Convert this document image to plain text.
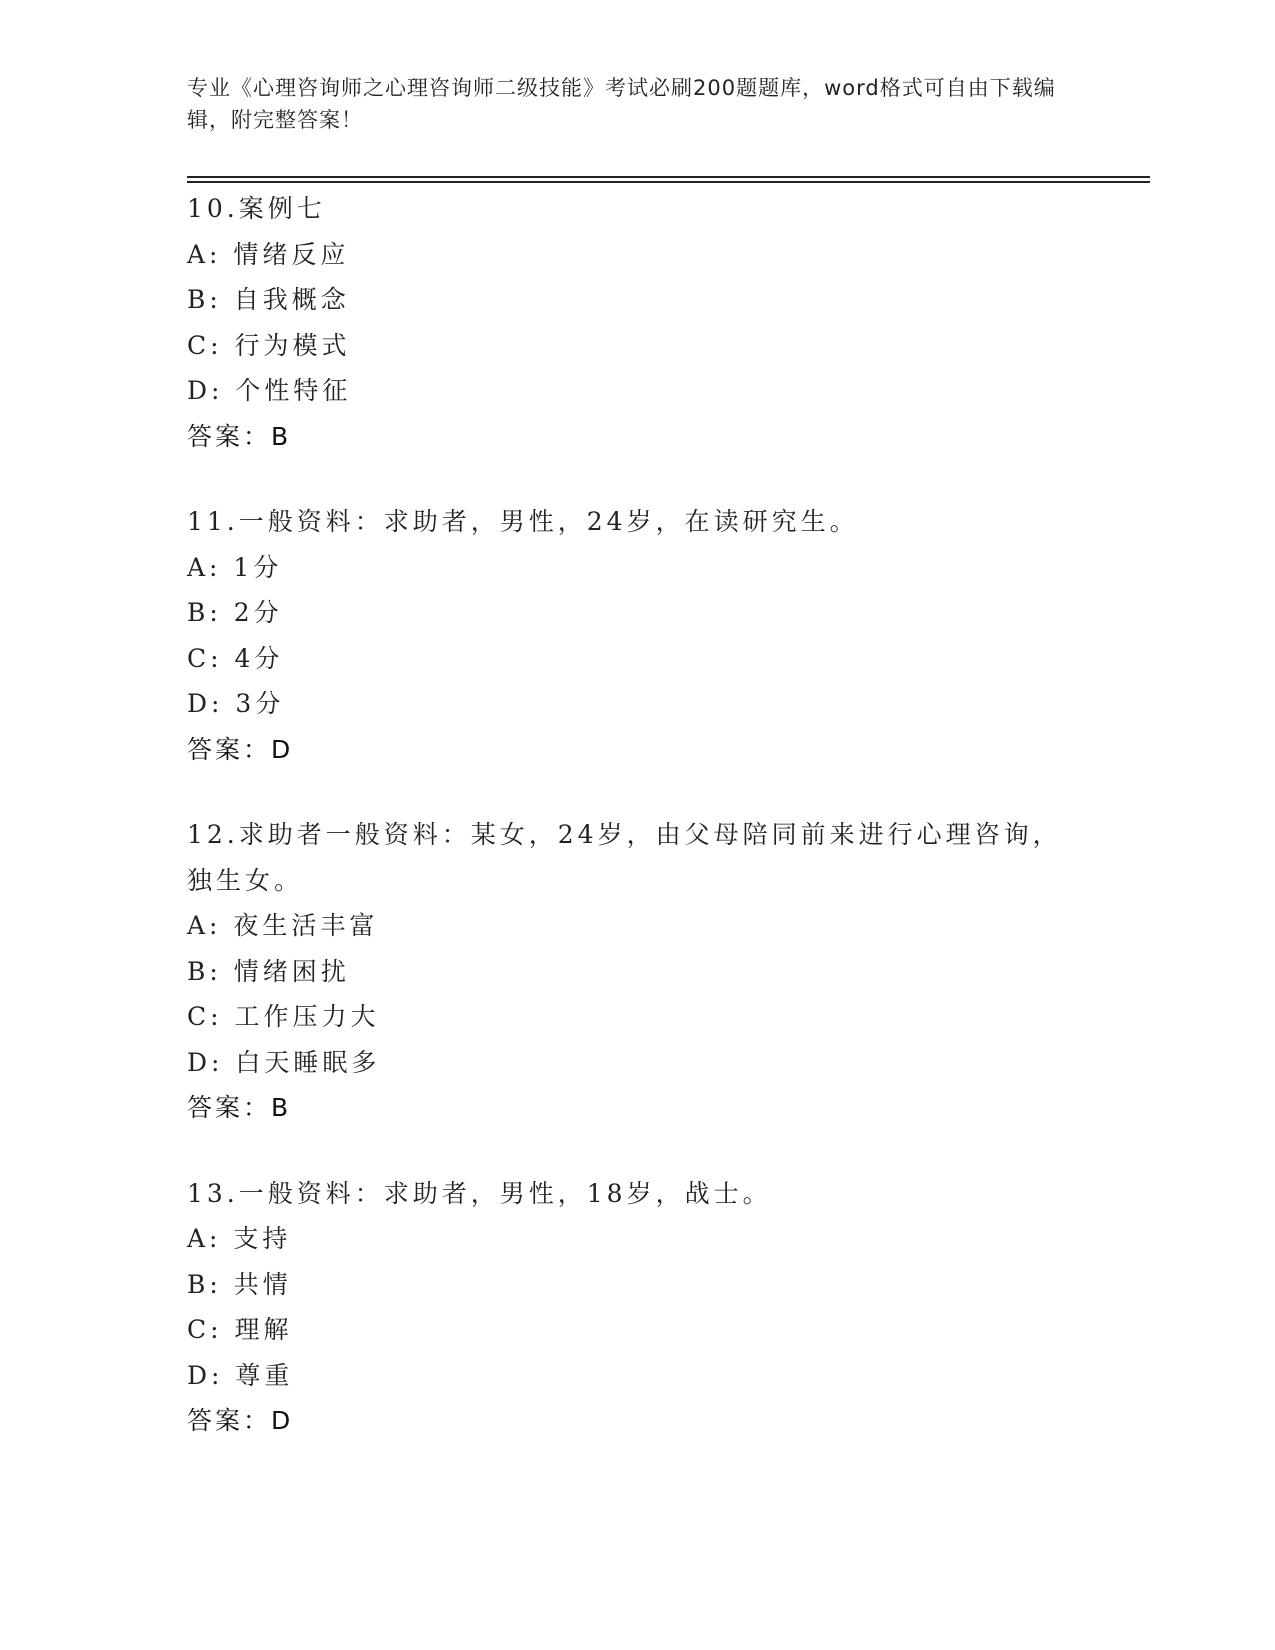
专业《心理咨询师之心理咨询师二级技能》考试必刷200题题库，word格式可自由下载编辑，附完整答案！
10.案例七
A: 情绪反应
B: 自我概念
C: 行为模式
D: 个性特征
答案：B
11.一般资料：求助者，男性，24岁，在读研究生。
A: 1分
B: 2分
C: 4分
D: 3分
答案：D
12.求助者一般资料：某女，24岁，由父母陪同前来进行心理咨询，独生女。
A: 夜生活丰富
B: 情绪困扰
C: 工作压力大
D: 白天睡眠多
答案：B
13.一般资料：求助者，男性，18岁，战士。
A: 支持
B: 共情
C: 理解
D: 尊重
答案：D
